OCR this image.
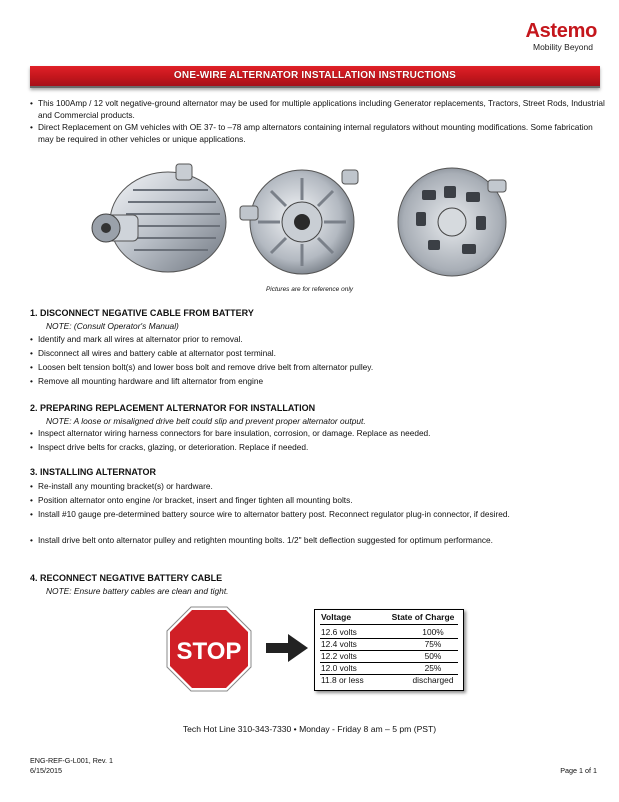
Astemo
Mobility Beyond
ONE-WIRE ALTERNATOR INSTALLATION INSTRUCTIONS
• This 100Amp / 12 volt negative-ground alternator may be used for multiple applications including Generator replacements, Tractors, Street Rods, Industrial and Commercial products.
• Direct Replacement on GM vehicles with OE 37- to –78 amp alternators containing internal regulators without mounting modifications. Some fabrication may be required in other vehicles or unique applications.
Pictures are for reference only
1. DISCONNECT NEGATIVE CABLE FROM BATTERY
NOTE: (Consult Operator's Manual)
• Identify and mark all wires at alternator prior to removal.
• Disconnect all wires and battery cable at alternator post terminal.
• Loosen belt tension bolt(s) and lower boss bolt and remove drive belt from alternator pulley.
• Remove all mounting hardware and lift alternator from engine
2. PREPARING REPLACEMENT ALTERNATOR FOR INSTALLATION
NOTE: A loose or misaligned drive belt could slip and prevent proper alternator output.
• Inspect alternator wiring harness connectors for bare insulation, corrosion, or damage. Replace as needed.
• Inspect drive belts for cracks, glazing, or deterioration. Replace if needed.
3. INSTALLING ALTERNATOR
• Re-install any mounting bracket(s) or hardware.
• Position alternator onto engine /or bracket, insert and finger tighten all mounting bolts.
• Install #10 gauge pre-determined battery source wire to alternator battery post. Reconnect regulator plug-in connector, if desired.
• Install drive belt onto alternator pulley and retighten mounting bolts. 1/2" belt deflection suggested for optimum performance.
4. RECONNECT NEGATIVE BATTERY CABLE
NOTE: Ensure battery cables are clean and tight.
STOP
Voltage	State of Charge
12.6 volts	100%
12.4 volts	75%
12.2 volts	50%
12.0 volts	25%
11.8 or less	discharged
Tech Hot Line 310-343-7330 • Monday - Friday 8 am – 5 pm (PST)
ENG-REF-G-L001, Rev. 1
6/15/2015	Page 1 of 1
